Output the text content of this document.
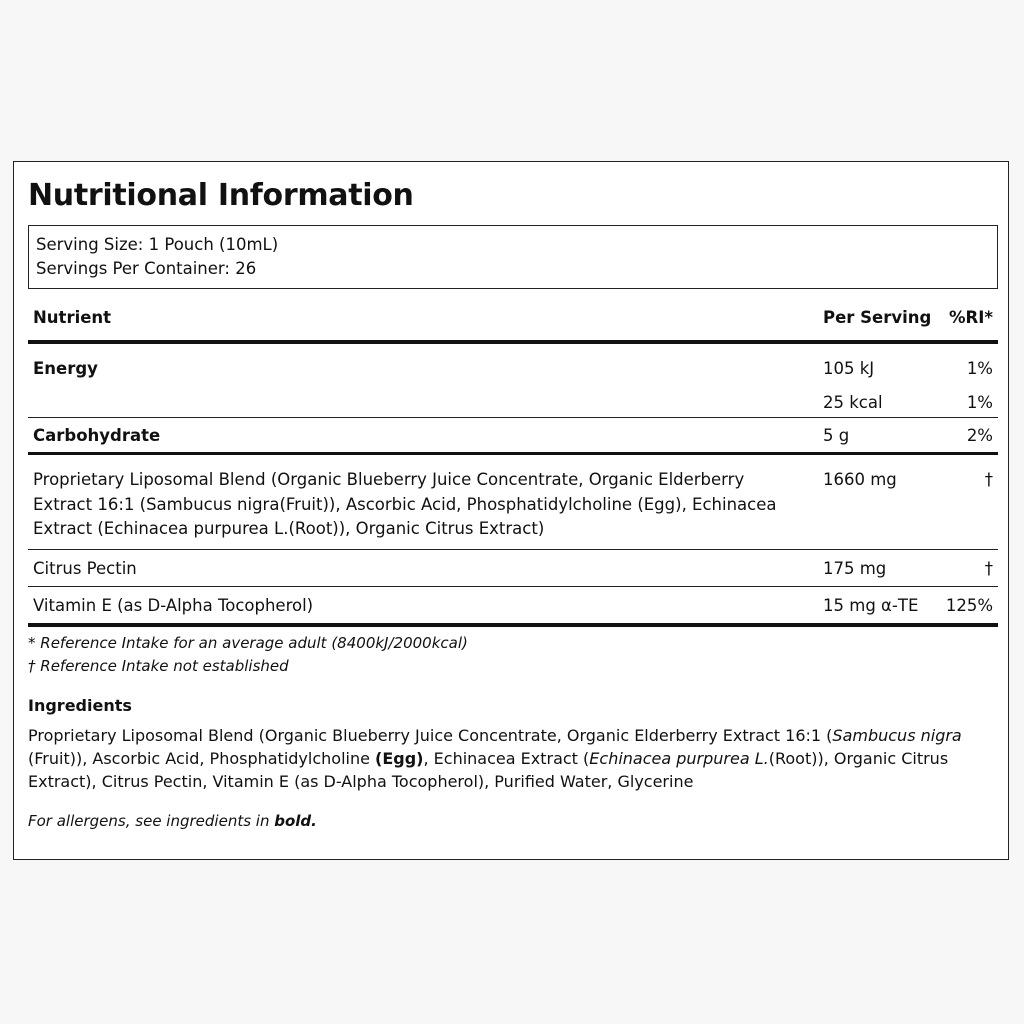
Nutritional Information
Serving Size: 1 Pouch (10mL)
Servings Per Container: 26
Nutrient	Per Serving	%RI*
Energy	105 kJ	1%
	25 kcal	1%
Carbohydrate	5 g	2%
Proprietary Liposomal Blend (Organic Blueberry Juice Concentrate, Organic Elderberry Extract 16:1 (Sambucus nigra(Fruit)), Ascorbic Acid, Phosphatidylcholine (Egg), Echinacea Extract (Echinacea purpurea L.(Root)), Organic Citrus Extract)	1660 mg	†
Citrus Pectin	175 mg	†
Vitamin E (as D-Alpha Tocopherol)	15 mg α-TE	125%
* Reference Intake for an average adult (8400kJ/2000kcal)
† Reference Intake not established
Ingredients
Proprietary Liposomal Blend (Organic Blueberry Juice Concentrate, Organic Elderberry Extract 16:1 (Sambucus nigra (Fruit)), Ascorbic Acid, Phosphatidylcholine (Egg), Echinacea Extract (Echinacea purpurea L.(Root)), Organic Citrus Extract), Citrus Pectin, Vitamin E (as D-Alpha Tocopherol), Purified Water, Glycerine
For allergens, see ingredients in bold.
